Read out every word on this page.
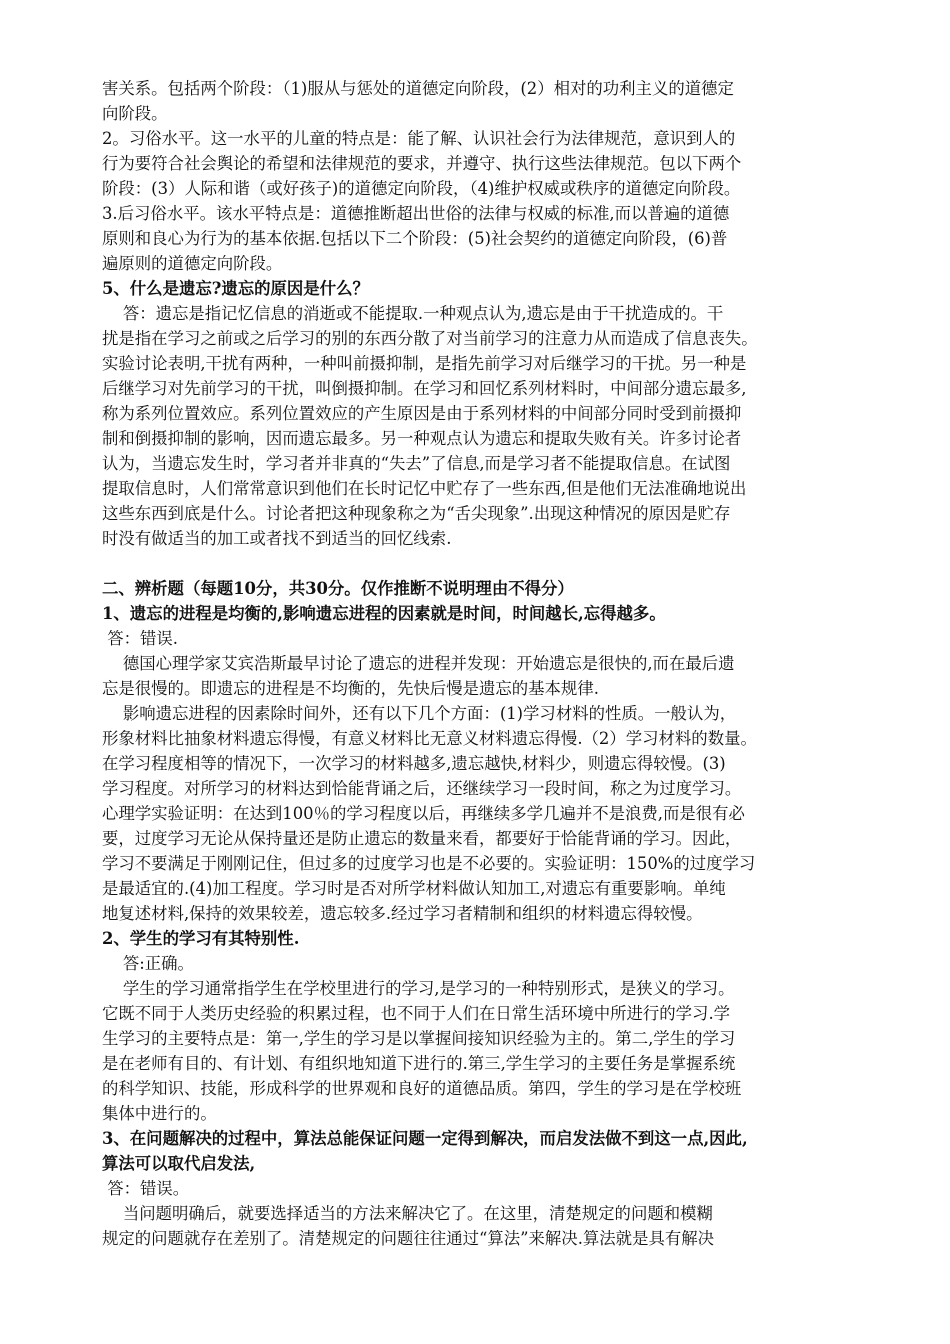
害关系。包括两个阶段：（1)服从与惩处的道德定向阶段，(2）相对的功利主义的道德定
向阶段。
2。习俗水平。这一水平的儿童的特点是：能了解、认识社会行为法律规范，意识到人的
行为要符合社会舆论的希望和法律规范的要求，并遵守、执行这些法律规范。包以下两个
阶段：(3）人际和谐（或好孩子)的道德定向阶段，（4)维护权威或秩序的道德定向阶段。
3.后习俗水平。该水平特点是：道德推断超出世俗的法律与权威的标准,而以普遍的道德
原则和良心为行为的基本依据.包括以下二个阶段：(5)社会契约的道德定向阶段，(6)普
遍原则的道德定向阶段。
5、什么是遗忘?遗忘的原因是什么？
答：遗忘是指记忆信息的消逝或不能提取.一种观点认为,遗忘是由于干扰造成的。干
扰是指在学习之前或之后学习的别的东西分散了对当前学习的注意力从而造成了信息丧失。
实验讨论表明,干扰有两种，一种叫前摄抑制，是指先前学习对后继学习的干扰。另一种是
后继学习对先前学习的干扰，叫倒摄抑制。在学习和回忆系列材料时，中间部分遗忘最多,
称为系列位置效应。系列位置效应的产生原因是由于系列材料的中间部分同时受到前摄抑
制和倒摄抑制的影响，因而遗忘最多。另一种观点认为遗忘和提取失败有关。许多讨论者
认为，当遗忘发生时，学习者并非真的“失去”了信息,而是学习者不能提取信息。在试图
提取信息时，人们常常意识到他们在长时记忆中贮存了一些东西,但是他们无法准确地说出
这些东西到底是什么。讨论者把这种现象称之为“舌尖现象”.出现这种情况的原因是贮存
时没有做适当的加工或者找不到适当的回忆线索.
二、辨析题（每题10分，共30分。仅作推断不说明理由不得分）
1、遗忘的进程是均衡的,影响遗忘进程的因素就是时间，时间越长,忘得越多。
答：错误.
德国心理学家艾宾浩斯最早讨论了遗忘的进程并发现：开始遗忘是很快的,而在最后遗
忘是很慢的。即遗忘的进程是不均衡的，先快后慢是遗忘的基本规律.
影响遗忘进程的因素除时间外，还有以下几个方面：(1)学习材料的性质。一般认为，
形象材料比抽象材料遗忘得慢，有意义材料比无意义材料遗忘得慢.（2）学习材料的数量。
在学习程度相等的情况下，一次学习的材料越多,遗忘越快,材料少，则遗忘得较慢。(3)
学习程度。对所学习的材料达到恰能背诵之后，还继续学习一段时间，称之为过度学习。
心理学实验证明：在达到100％的学习程度以后，再继续多学几遍并不是浪费,而是很有必
要，过度学习无论从保持量还是防止遗忘的数量来看，都要好于恰能背诵的学习。因此，
学习不要满足于刚刚记住，但过多的过度学习也是不必要的。实验证明：150%的过度学习
是最适宜的.(4)加工程度。学习时是否对所学材料做认知加工,对遗忘有重要影响。单纯
地复述材料,保持的效果较差，遗忘较多.经过学习者精制和组织的材料遗忘得较慢。
2、学生的学习有其特别性.
答:正确。
学生的学习通常指学生在学校里进行的学习,是学习的一种特别形式，是狭义的学习。
它既不同于人类历史经验的积累过程，也不同于人们在日常生活环境中所进行的学习.学
生学习的主要特点是：第一,学生的学习是以掌握间接知识经验为主的。第二,学生的学习
是在老师有目的、有计划、有组织地知道下进行的.第三,学生学习的主要任务是掌握系统
的科学知识、技能，形成科学的世界观和良好的道德品质。第四，学生的学习是在学校班
集体中进行的。
3、在问题解决的过程中，算法总能保证问题一定得到解决，而启发法做不到这一点,因此,
算法可以取代启发法,
答：错误。
当问题明确后，就要选择适当的方法来解决它了。在这里，清楚规定的问题和模糊
规定的问题就存在差别了。清楚规定的问题往往通过“算法”来解决.算法就是具有解决
